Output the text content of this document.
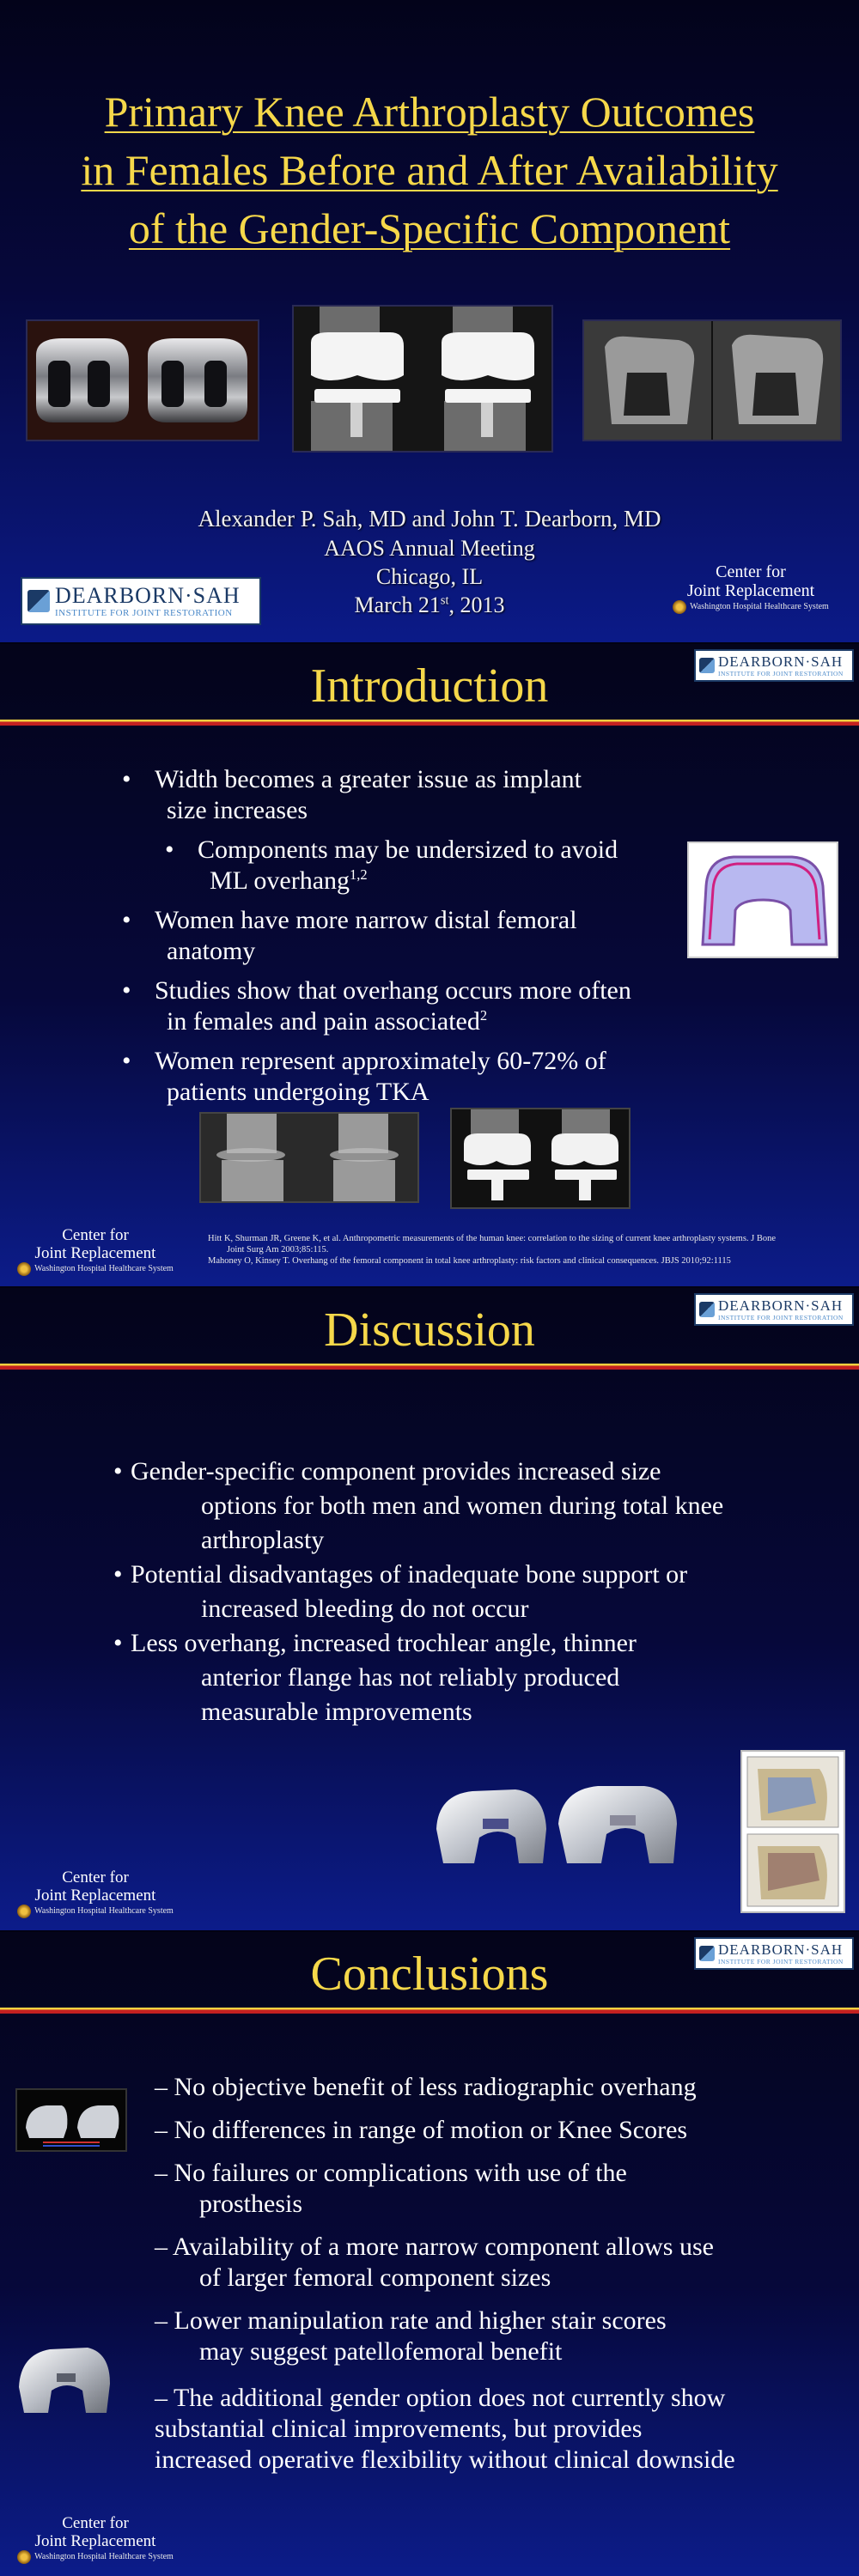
Primary Knee Arthroplasty Outcomes
in Females Before and After Availability
of the Gender-Specific Component
Alexander P. Sah, MD and John T. Dearborn, MD
AAOS Annual Meeting
Chicago, IL
March 21st, 2013
DEARBORN·SAH
INSTITUTE FOR JOINT RESTORATION
Center for
Joint Replacement
Washington Hospital Healthcare System
Introduction	DEARBORN·SAH
INSTITUTE FOR JOINT RESTORATION
• Width becomes a greater issue as implant
size increases
• Components may be undersized to avoid
ML overhang$^{1,2}$
• Women have more narrow distal femoral
anatomy
• Studies show that overhang occurs more often
in females and pain associated$^2$
• Women represent approximately 60-72% of
patients undergoing TKA
Center for
Joint Replacement
Washington Hospital Healthcare System
Hitt K, Shurman JR, Greene K, et al. Anthropometric measurements of the human knee: correlation to the sizing of current knee arthroplasty systems. J Bone
Joint Surg Am 2003;85:115.
Mahoney O, Kinsey T. Overhang of the femoral component in total knee arthroplasty: risk factors and clinical consequences. JBJS 2010;92:1115
Discussion	DEARBORN·SAH
INSTITUTE FOR JOINT RESTORATION
• Gender-specific component provides increased size
options for both men and women during total knee
arthroplasty
• Potential disadvantages of inadequate bone support or
increased bleeding do not occur
• Less overhang, increased trochlear angle, thinner
anterior flange has not reliably produced
measurable improvements
Center for
Joint Replacement
Washington Hospital Healthcare System
Conclusions	DEARBORN·SAH
INSTITUTE FOR JOINT RESTORATION
– No objective benefit of less radiographic overhang
– No differences in range of motion or Knee Scores
– No failures or complications with use of the
prosthesis
– Availability of a more narrow component allows use
of larger femoral component sizes
– Lower manipulation rate and higher stair scores
may suggest patellofemoral benefit
– The additional gender option does not currently show
substantial clinical improvements, but provides
increased operative flexibility without clinical downside
Center for
Joint Replacement
Washington Hospital Healthcare System
